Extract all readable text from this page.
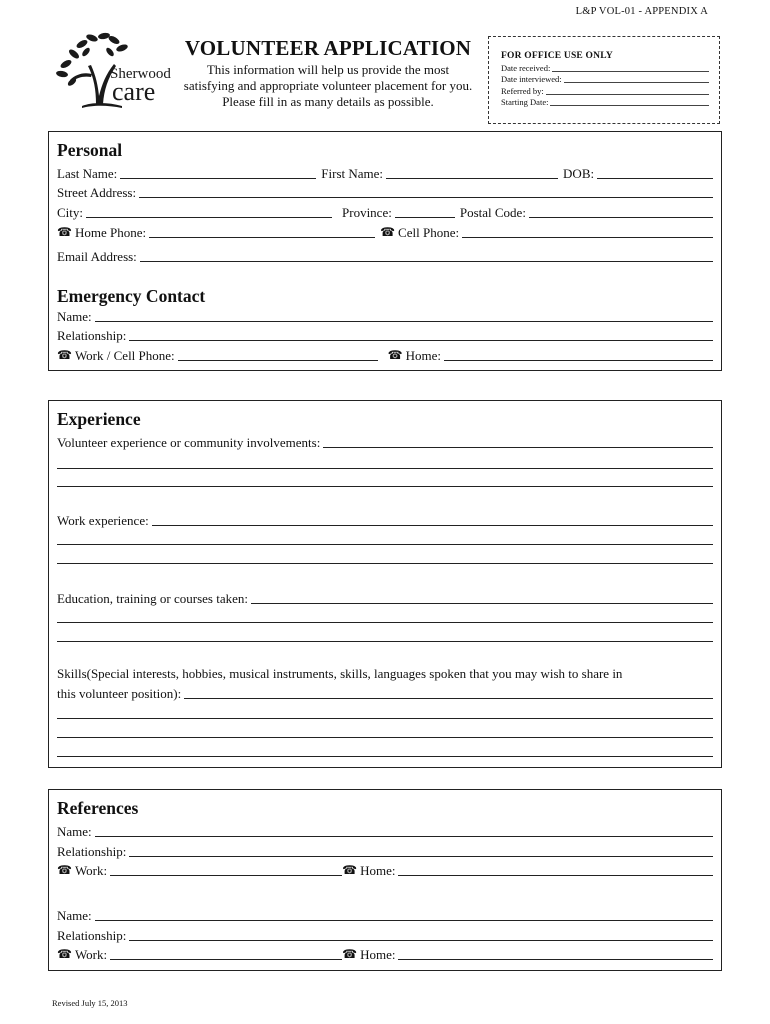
L&P VOL-01 - APPENDIX A
Sherwood
care
VOLUNTEER APPLICATION
This information will help us provide the most satisfying and appropriate volunteer placement for you. Please fill in as many details as possible.
FOR OFFICE USE ONLY
Date received:
Date interviewed:
Referred by:
Starting Date:
Personal
Last Name:	First Name:	DOB:
Street Address:
City:	Province:	Postal Code:
☎ Home Phone:	☎ Cell Phone:
Email Address:
Emergency Contact
Name:
Relationship:
☎ Work / Cell Phone:	☎ Home:
Experience
Volunteer experience or community involvements:
Work experience:
Education, training or courses taken:
Skills(Special interests, hobbies, musical instruments, skills, languages spoken that you may wish to share in
this volunteer position):
References
Name:
Relationship:
☎ Work:	☎ Home:
Name:
Relationship:
☎ Work:	☎ Home:
Revised July 15, 2013
